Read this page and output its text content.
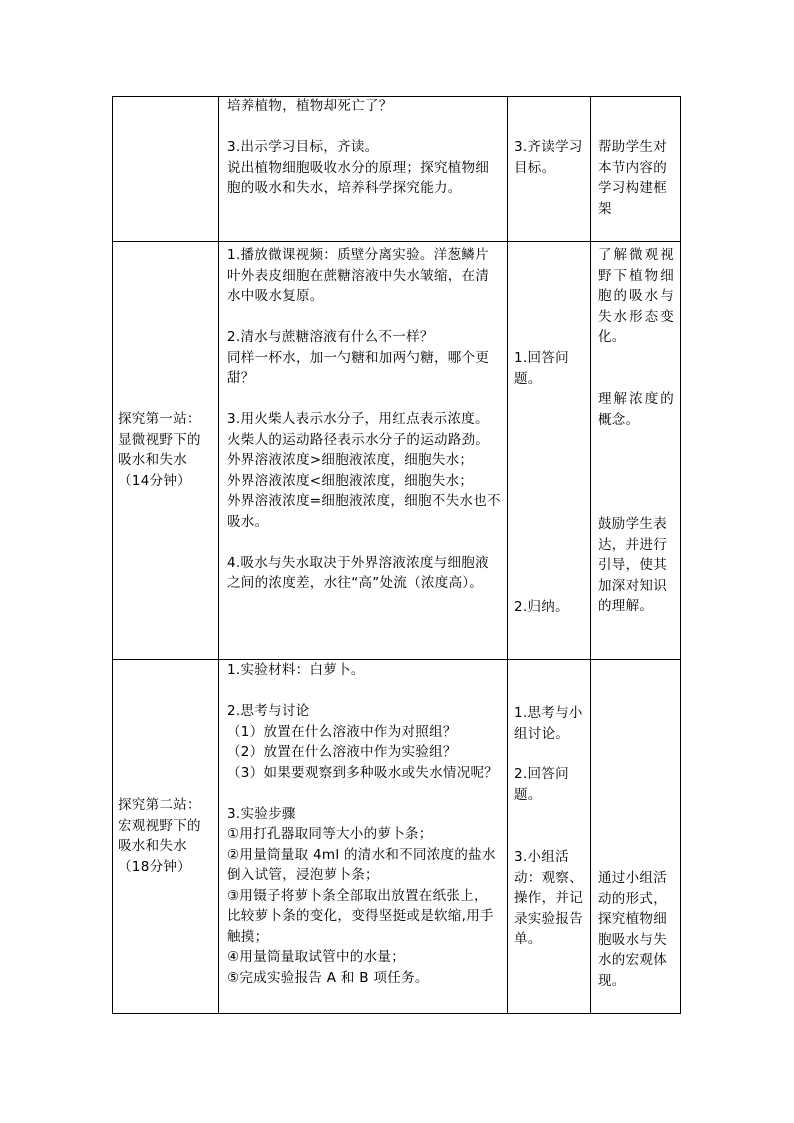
培养植物，植物却死亡了？

3.出示学习目标，齐读。

说出植物细胞吸收水分的原理；探究植物细胞的吸水和失水，培养科学探究能力。

3.齐读学习目标。

帮助学生对本节内容的学习构建框架

探究第一站：显微视野下的吸水和失水（14分钟）

1.播放微课视频：质壁分离实验。洋葱鳞片叶外表皮细胞在蔗糖溶液中失水皱缩，在清水中吸水复原。

2.清水与蔗糖溶液有什么不一样？

同样一杯水，加一勺糖和加两勺糖，哪个更甜？

3.用火柴人表示水分子，用红点表示浓度。火柴人的运动路径表示水分子的运动路劲。

外界溶液浓度>细胞液浓度，细胞失水；

外界溶液浓度<细胞液浓度，细胞失水；

外界溶液浓度=细胞液浓度，细胞不失水也不吸水。

4.吸水与失水取决于外界溶液浓度与细胞液之间的浓度差，水往“高”处流（浓度高）。

1.回答问题。

2.归纳。

了解微观视野下植物细胞的吸水与失水形态变化。

理解浓度的概念。

鼓励学生表达，并进行引导，使其加深对知识的理解。

探究第二站：宏观视野下的吸水和失水（18分钟）

1.实验材料：白萝卜。

2.思考与讨论

（1）放置在什么溶液中作为对照组？

（2）放置在什么溶液中作为实验组？

（3）如果要观察到多种吸水或失水情况呢？

3.实验步骤

①用打孔器取同等大小的萝卜条；

②用量筒量取 4ml 的清水和不同浓度的盐水倒入试管，浸泡萝卜条；

③用镊子将萝卜条全部取出放置在纸张上，比较萝卜条的变化，变得坚挺或是软缩,用手触摸；

④用量筒量取试管中的水量；

⑤完成实验报告 A 和 B 项任务。

1.思考与小组讨论。

2.回答问题。

3.小组活动：观察、操作，并记录实验报告单。

通过小组活动的形式，探究植物细胞吸水与失水的宏观体现。
